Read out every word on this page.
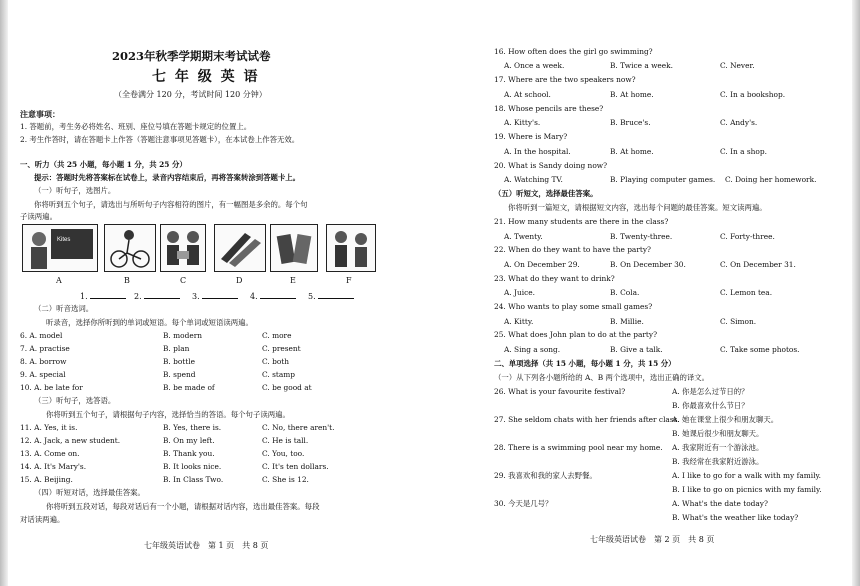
2023年秋季学期期末考试试卷
七 年 级 英 语
（全卷满分 120 分，考试时间 120 分钟）
注意事项：
1. 答题前，考生务必将姓名、班别、座位号填在答题卡规定的位置上。
2. 考生作答时，请在答题卡上作答（答题注意事项见答题卡），在本试卷上作答无效。
一、听力（共 25 小题，每小题 1 分，共 25 分）
提示：答题时先将答案标在试卷上，录音内容结束后，再将答案转涂到答题卡上。
（一）听句子，选图片。
你将听到五个句子，请选出与所听句子内容相符的图片，有一幅图是多余的。每个句
子读两遍。
Kites
A	B	C	D	E	F
1.	2.	3.	4.	5.
（二）听音选词。
听录音，选择你所听到的单词或短语。每个单词或短语读两遍。
6. A. model	B. modern	C. more
7. A. practise	B. plan	C. present
8. A. borrow	B. bottle	C. both
9. A. special	B. spend	C. stamp
10. A. be late for	B. be made of	C. be good at
（三）听句子，选答语。
你将听到五个句子，请根据句子内容，选择恰当的答语。每个句子读两遍。
11. A. Yes, it is.	B. Yes, there is.	C. No, there aren't.
12. A. Jack, a new student.	B. On my left.	C. He is tall.
13. A. Come on.	B. Thank you.	C. You, too.
14. A. It's Mary's.	B. It looks nice.	C. It's ten dollars.
15. A. Beijing.	B. In Class Two.	C. She is 12.
（四）听短对话，选择最佳答案。
你将听到五段对话，每段对话后有一个小题，请根据对话内容，选出最佳答案。每段
对话读两遍。
七年级英语试卷　第 1 页　共 8 页
16. How often does the girl go swimming?
A. Once a week.	B. Twice a week.	C. Never.
17. Where are the two speakers now?
A. At school.	B. At home.	C. In a bookshop.
18. Whose pencils are these?
A. Kitty's.	B. Bruce's.	C. Andy's.
19. Where is Mary?
A. In the hospital.	B. At home.	C. In a shop.
20. What is Sandy doing now?
A. Watching TV.	B. Playing computer games. C. Doing her homework.
（五）听短文，选择最佳答案。
你将听到一篇短文，请根据短文内容，选出每个问题的最佳答案。短文读两遍。
21. How many students are there in the class?
A. Twenty.	B. Twenty-three.	C. Forty-three.
22. When do they want to have the party?
A. On December 29.	B. On December 30.	C. On December 31.
23. What do they want to drink?
A. Juice.	B. Cola.	C. Lemon tea.
24. Who wants to play some small games?
A. Kitty.	B. Millie.	C. Simon.
25. What does John plan to do at the party?
A. Sing a song.	B. Give a talk.	C. Take some photos.
二、单项选择（共 15 小题，每小题 1 分，共 15 分）
（一）从下列各小题所给的 A、B 两个选项中，选出正确的译文。
26. What is your favourite festival?	A. 你是怎么过节日的？
B. 你最喜欢什么节日？
27. She seldom chats with her friends after class.
A. 她在课堂上很少和朋友聊天。
B. 她课后很少和朋友聊天。
28. There is a swimming pool near my home. A. 我家附近有一个游泳池。
B. 我经常在我家附近游泳。
29. 我喜欢和我的家人去野餐。	A. I like to go for a walk with my family.
B. I like to go on picnics with my family.
30. 今天是几号？	A. What's the date today?
B. What's the weather like today?
七年级英语试卷　第 2 页　共 8 页
